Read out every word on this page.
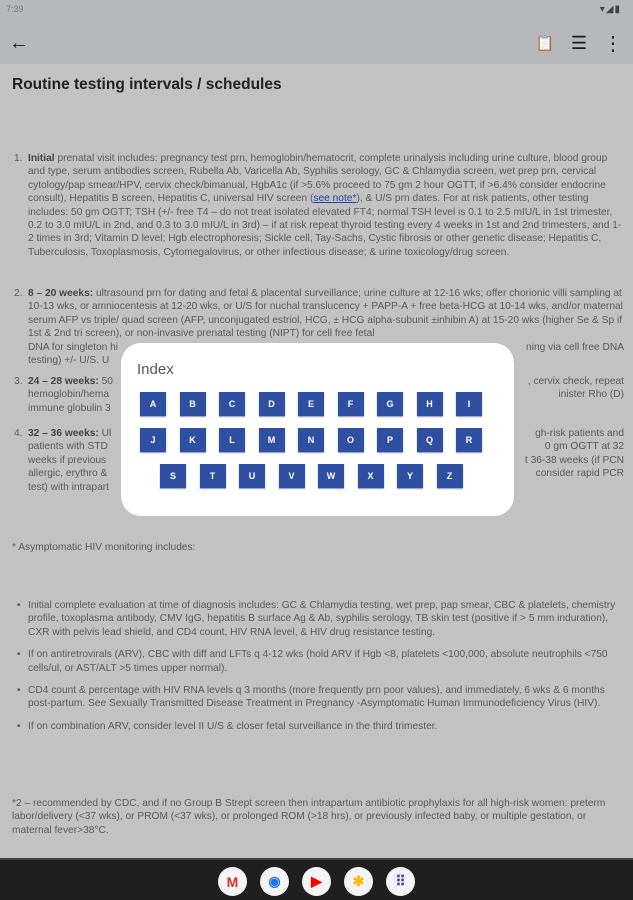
7:39	▾◢▮
←	📋 ☰ ⋮
Routine testing intervals / schedules
1. Initial prenatal visit includes: pregnancy test prn, hemoglobin/hematocrit, complete urinalysis including urine culture, blood group and type, serum antibodies screen, Rubella Ab, Varicella Ab, Syphilis serology, GC & Chlamydia screen, wet prep prn, cervical cytology/pap smear/HPV, cervix check/bimanual, HgbA1c (if >5.6% proceed to 75 gm 2 hour OGTT, if >6.4% consider endocrine consult), Hepatitis B screen, Hepatitis C, universal HIV screen (see note*), & U/S prn dates. For at risk patients, other testing includes: 50 gm OGTT; TSH (+/- free T4 – do not treat isolated elevated FT4; normal TSH level is 0.1 to 2.5 mIU/L in 1st trimester, 0.2 to 3.0 mIU/L in 2nd, and 0.3 to 3.0 mIU/L in 3rd) – if at risk repeat thyroid testing every 4 weeks in 1st and 2nd trimesters, and 1-2 times in 3rd; Vitamin D level; Hgb electrophoresis; Sickle cell, Tay-Sachs, Cystic fibrosis or other genetic disease; Hepatitis C, Tuberculosis, Toxoplasmosis, Cytomegalovirus, or other infectious disease; & urine toxicology/drug screen.
2. 8 – 20 weeks: ultrasound prn for dating and fetal & placental surveillance; urine culture at 12-16 wks; offer chorionic villi sampling at 10-13 wks, or amniocentesis at 12-20 wks, or U/S for nuchal translucency + PAPP-A + free beta-HCG at 10-14 wks, and/or maternal serum AFP vs triple/ quad screen (AFP, unconjugated estriol, HCG, ± HCG alpha-subunit ±inhibin A) at 15-20 wks (higher Se & Sp if 1st & 2nd tri screen), or non-invasive prenatal testing (NIPT) for cell free fetal
DNA for singleton hi	ning via cell free DNA
testing) +/- U/S. U
3. 24 – 28 weeks: 50	, cervix check, repeat
hemoglobin/hema	inister Rho (D)
immune globulin 3
4. 32 – 36 weeks: Ul	gh-risk patients and
patients with STD	0 gm OGTT at 32
weeks if previous	t 36-38 weeks (if PCN
allergic, erythro &	consider rapid PCR
test) with intrapart
* Asymptomatic HIV monitoring includes:
• Initial complete evaluation at time of diagnosis includes: GC & Chlamydia testing, wet prep, pap smear, CBC & platelets, chemistry profile, toxoplasma antibody, CMV IgG, hepatitis B surface Ag & Ab, syphilis serology, TB skin test (positive if > 5 mm induration), CXR with pelvis lead shield, and CD4 count, HIV RNA level, & HIV drug resistance testing.
• If on antiretrovirals (ARV), CBC with diff and LFTs q 4-12 wks (hold ARV if Hgb <8, platelets <100,000, absolute neutrophils <750 cells/ul, or AST/ALT >5 times upper normal).
• CD4 count & percentage with HIV RNA levels q 3 months (more frequently prn poor values), and immediately, 6 wks & 6 months post-partum. See Sexually Transmitted Disease Treatment in Pregnancy -Asymptomatic Human Immunodeficiency Virus (HIV).
• If on combination ARV, consider level II U/S & closer fetal surveillance in the third trimester.
*2 – recommended by CDC, and if no Group B Strept screen then intrapartum antibiotic prophylaxis for all high-risk women: preterm labor/delivery (<37 wks), or PROM (<37 wks), or prolonged ROM (>18 hrs), or previously infected baby, or multiple gestation, or maternal fever>38°C.
Index
A	B	C	D	E	F	G	H	I
J	K	L	M	N	O	P	Q	R
S	T	U	V	W	X	Y	Z
M	◉	▶	✱	⠿
